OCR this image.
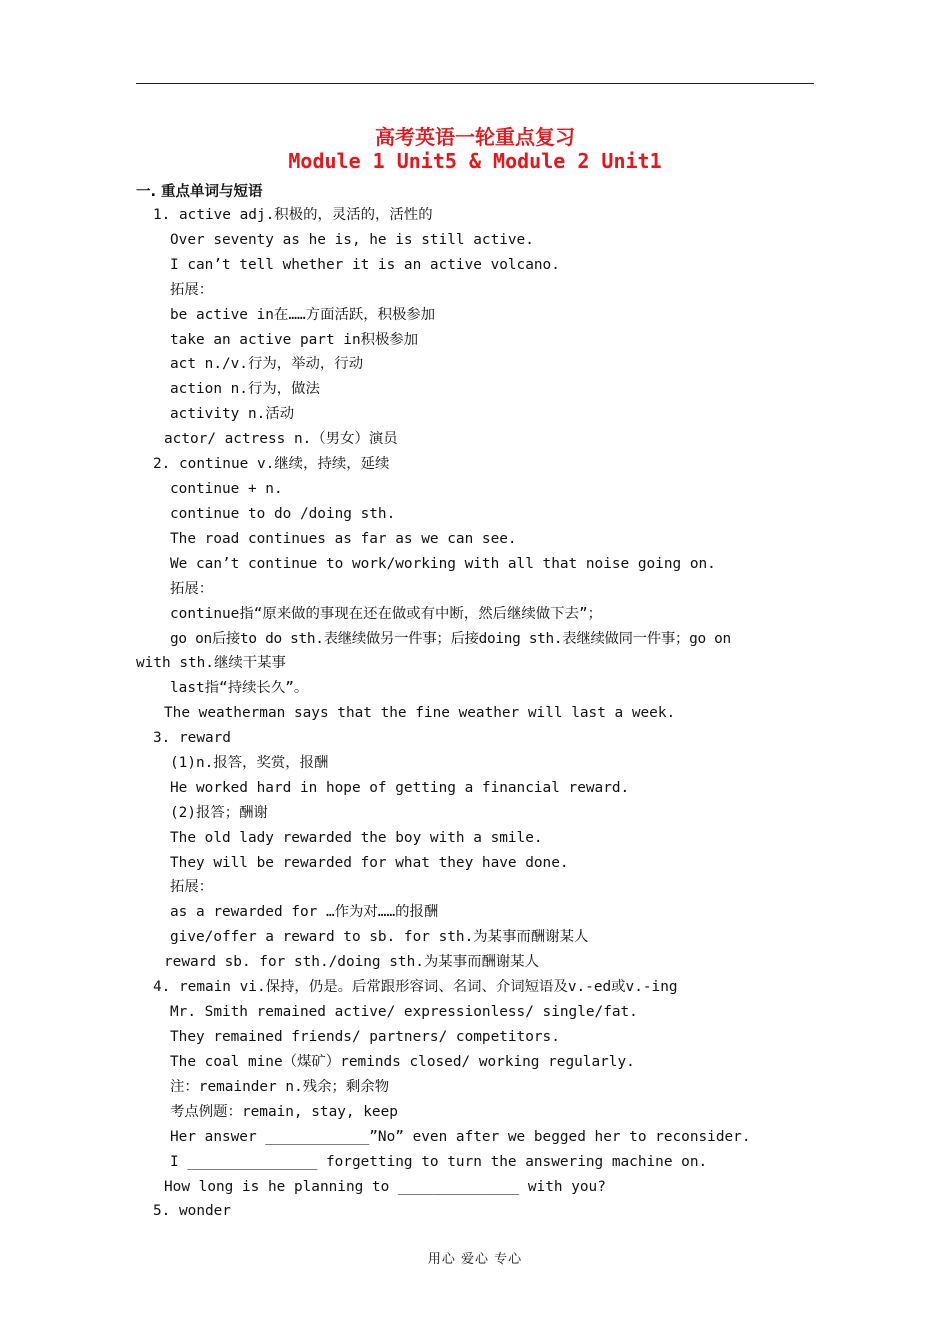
高考英语一轮重点复习
Module 1 Unit5 & Module 2 Unit1
一. 重点单词与短语
1. active adj.积极的，灵活的，活性的
Over seventy as he is, he is still active.
I can’t tell whether it is an active volcano.
拓展：
be active in在……方面活跃，积极参加
take an active part in积极参加
act n./v.行为，举动，行动
action n.行为，做法
activity n.活动
actor/ actress n.（男女）演员
2. continue v.继续，持续，延续
continue + n.
continue to do /doing sth.
The road continues as far as we can see.
We can’t continue to work/working with all that noise going on.
拓展：
continue指“原来做的事现在还在做或有中断，然后继续做下去”；
go on后接to do sth.表继续做另一件事；后接doing sth.表继续做同一件事；go on
with sth.继续干某事
last指“持续长久”。
The weatherman says that the fine weather will last a week.
3. reward
(1)n.报答，奖赏，报酬
He worked hard in hope of getting a financial reward.
(2)报答；酬谢
The old lady rewarded the boy with a smile.
They will be rewarded for what they have done.
拓展：
as a rewarded for …作为对……的报酬
give/offer a reward to sb. for sth.为某事而酬谢某人
reward sb. for sth./doing sth.为某事而酬谢某人
4. remain vi.保持，仍是。后常跟形容词、名词、介词短语及v.-ed或v.-ing
Mr. Smith remained active/ expressionless/ single/fat.
They remained friends/ partners/ competitors.
The coal mine（煤矿）reminds closed/ working regularly.
注：remainder n.残余；剩余物
考点例题：remain, stay, keep
Her answer ____________”No” even after we begged her to reconsider.
I _______________ forgetting to turn the answering machine on.
How long is he planning to ______________ with you?
5. wonder
用心 爱心 专心
